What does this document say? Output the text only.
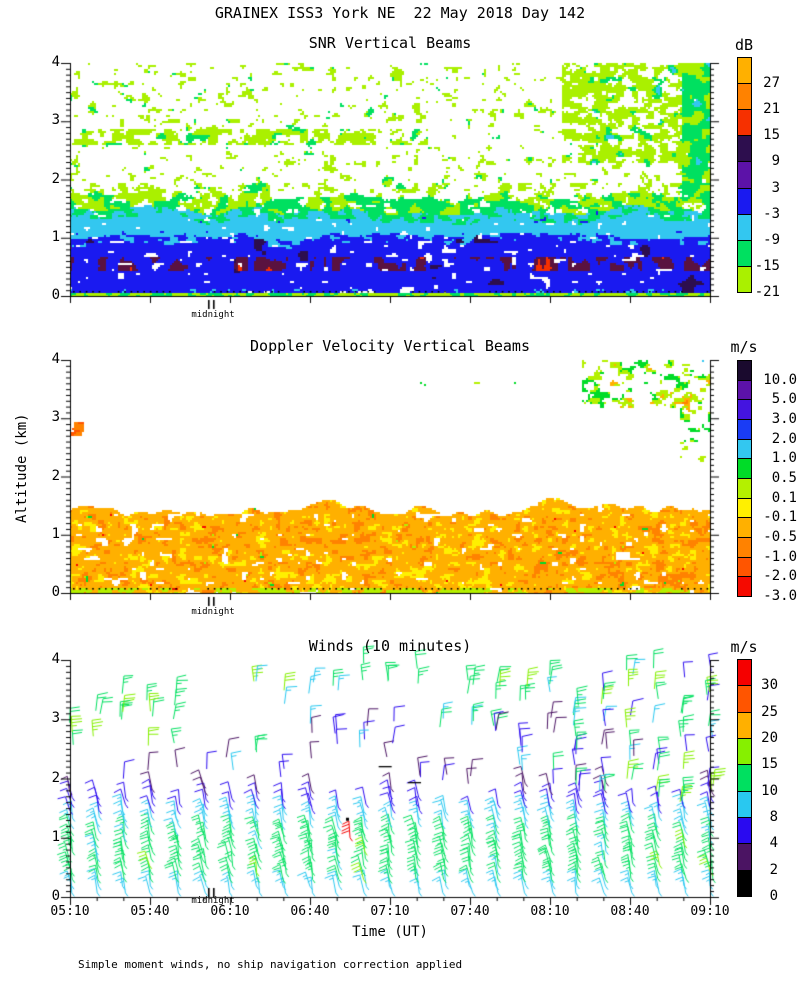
GRAINEX ISS3 York NE  22 May 2018 Day 142
SNR Vertical Beams
Doppler Velocity Vertical Beams
Winds (10 minutes)
dB
m/s
m/s
Altitude (km)
Time (UT)
midnight
midnight
midnight
Simple moment winds, no ship navigation correction applied
0
1
2
3
4
0
1
2
3
4
0
1
2
3
4
05:10	05:40	06:10	06:40	07:10	07:40	08:10	08:40	09:10
27
21
15
9
3
-3
-9
-15
-21
10.0
5.0
3.0
2.0
1.0
0.5
0.1
-0.1
-0.5
-1.0
-2.0
-3.0
30
25
20
15
10
8
4
2
0
